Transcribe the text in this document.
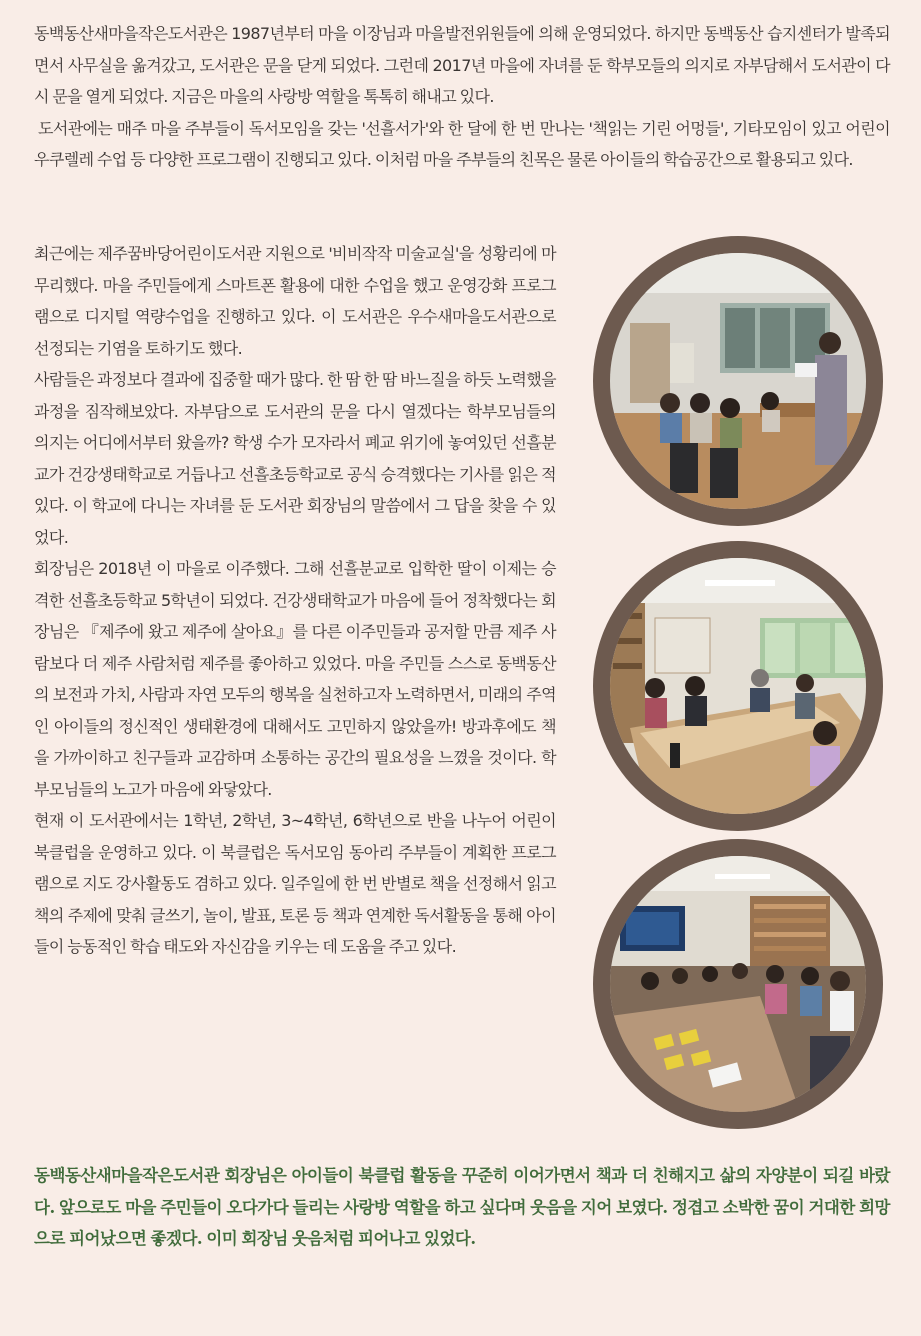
동백동산새마을작은도서관은 1987년부터 마을 이장님과 마을발전위원들에 의해 운영되었다. 하지만 동백동산 습지센터가 발족되면서 사무실을 옮겨갔고, 도서관은 문을 닫게 되었다. 그런데 2017년 마을에 자녀를 둔 학부모들의 의지로 자부담해서 도서관이 다시 문을 열게 되었다. 지금은 마을의 사랑방 역할을 톡톡히 해내고 있다.

도서관에는 매주 마을 주부들이 독서모임을 갖는 '선흘서가'와 한 달에 한 번 만나는 '책읽는 기린 어멍들', 기타모임이 있고 어린이 우쿠렐레 수업 등 다양한 프로그램이 진행되고 있다. 이처럼 마을 주부들의 친목은 물론 아이들의 학습공간으로 활용되고 있다.

최근에는 제주꿈바당어린이도서관 지원으로 '비비작작 미술교실'을 성황리에 마무리했다. 마을 주민들에게 스마트폰 활용에 대한 수업을 했고 운영강화 프로그램으로 디지털 역량수업을 진행하고 있다. 이 도서관은 우수새마을도서관으로 선정되는 기염을 토하기도 했다.

사람들은 과정보다 결과에 집중할 때가 많다. 한 땀 한 땀 바느질을 하듯 노력했을 과정을 짐작해보았다. 자부담으로 도서관의 문을 다시 열겠다는 학부모님들의 의지는 어디에서부터 왔을까? 학생 수가 모자라서 폐교 위기에 놓여있던 선흘분교가 건강생태학교로 거듭나고 선흘초등학교로 공식 승격했다는 기사를 읽은 적 있다. 이 학교에 다니는 자녀를 둔 도서관 회장님의 말씀에서 그 답을 찾을 수 있었다.

회장님은 2018년 이 마을로 이주했다. 그해 선흘분교로 입학한 딸이 이제는 승격한 선흘초등학교 5학년이 되었다. 건강생태학교가 마음에 들어 정착했다는 회장님은 『제주에 왔고 제주에 살아요』를 다른 이주민들과 공저할 만큼 제주 사람보다 더 제주 사람처럼 제주를 좋아하고 있었다. 마을 주민들 스스로 동백동산의 보전과 가치, 사람과 자연 모두의 행복을 실천하고자 노력하면서, 미래의 주역인 아이들의 정신적인 생태환경에 대해서도 고민하지 않았을까! 방과후에도 책을 가까이하고 친구들과 교감하며 소통하는 공간의 필요성을 느꼈을 것이다. 학부모님들의 노고가 마음에 와닿았다.

현재 이 도서관에서는 1학년, 2학년, 3~4학년, 6학년으로 반을 나누어 어린이 북클럽을 운영하고 있다. 이 북클럽은 독서모임 동아리 주부들이 계획한 프로그램으로 지도 강사활동도 겸하고 있다. 일주일에 한 번 반별로 책을 선정해서 읽고 책의 주제에 맞춰 글쓰기, 놀이, 발표, 토론 등 책과 연계한 독서활동을 통해 아이들이 능동적인 학습 태도와 자신감을 키우는 데 도움을 주고 있다.

동백동산새마을작은도서관 회장님은 아이들이 북클럽 활동을 꾸준히 이어가면서 책과 더 친해지고 삶의 자양분이 되길 바랐다. 앞으로도 마을 주민들이 오다가다 들리는 사랑방 역할을 하고 싶다며 웃음을 지어 보였다. 정겹고 소박한 꿈이 거대한 희망으로 피어났으면 좋겠다. 이미 회장님 웃음처럼 피어나고 있었다.
